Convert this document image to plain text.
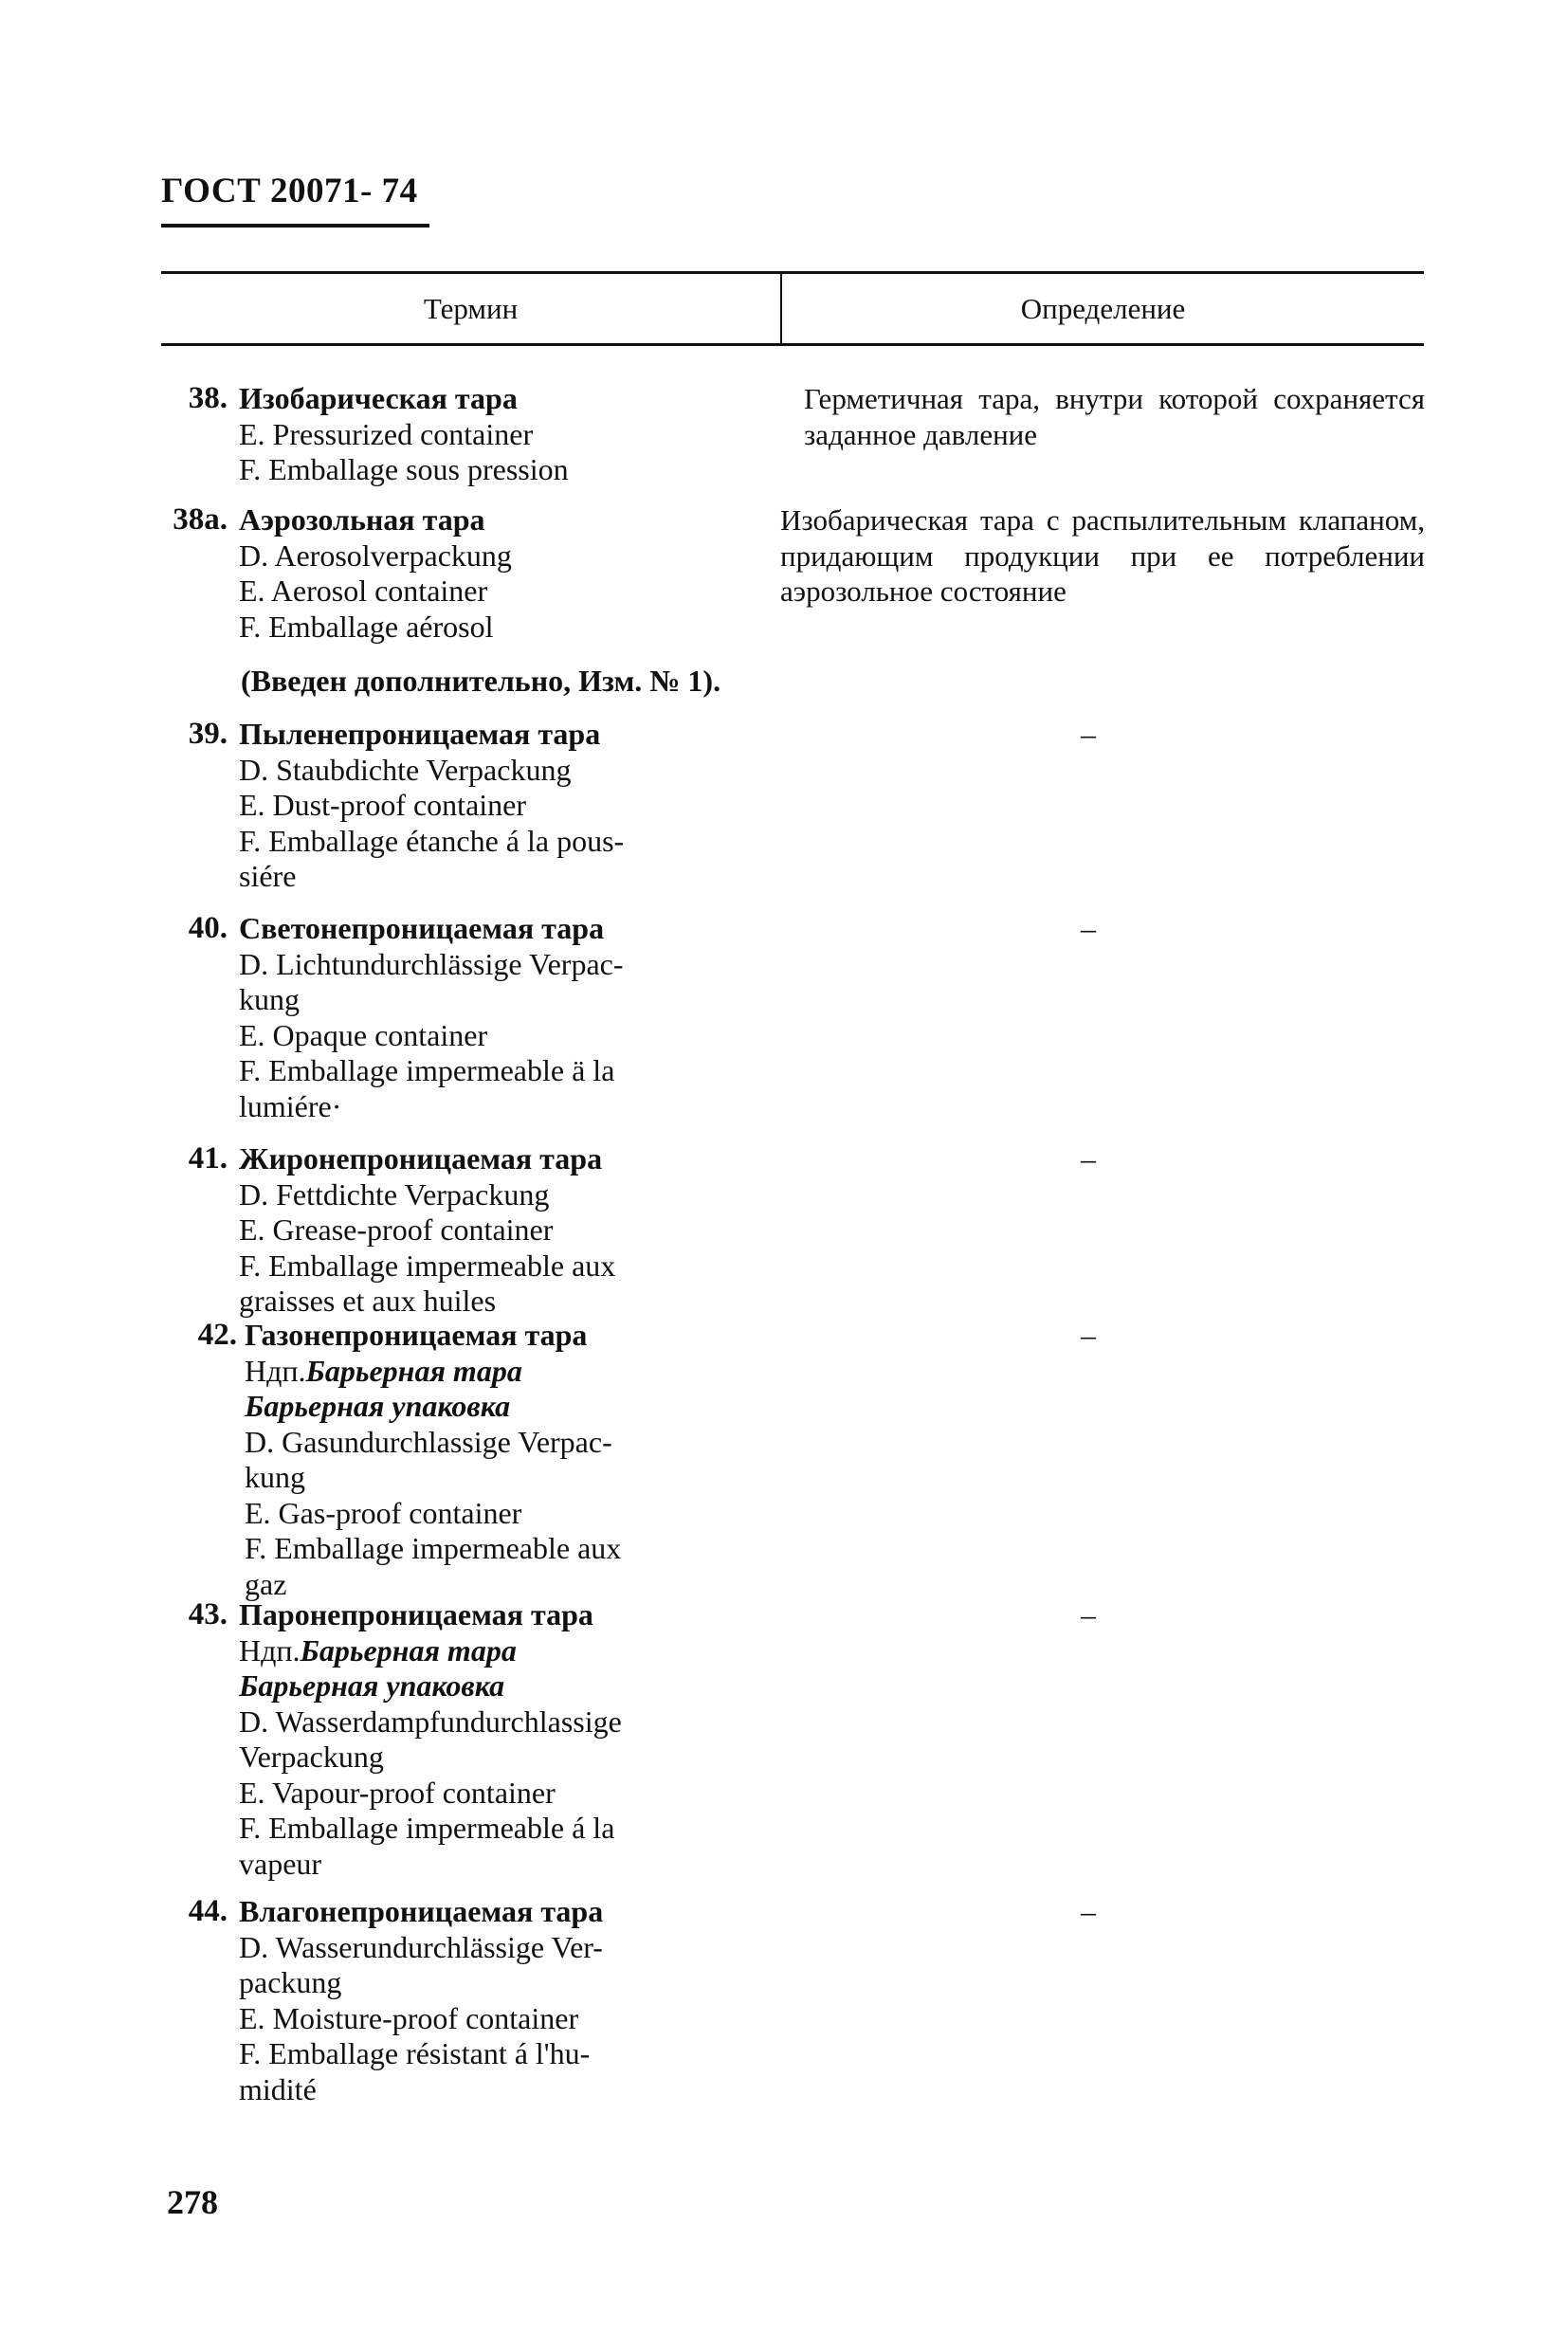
ГОСТ 20071- 74
Термин	Определение
38. Изобарическая тара
E. Pressurized container
F. Emballage sous pression
Герметичная тара, внутри которой сохраняется заданное давление
38а. Аэрозольная тара
D. Aerosolverpackung
E. Aerosol container
F. Emballage aérosol
Изобарическая тара с распылительным клапаном, придающим продукции при ее потреблении аэрозольное состояние
(Введен дополнительно, Изм. № 1).
39. Пыленепроницаемая тара
D. Staubdichte Verpackung
E. Dust-proof container
F. Emballage étanche á la pous-
siére
–
40. Светонепроницаемая тара
D. Lichtundurchlässige Verpac-
kung
E. Opaque container
F. Emballage impermeable ä la
lumiére·
–
41. Жиронепроницаемая тара
D. Fettdichte Verpackung
E. Grease-proof container
F. Emballage impermeable aux
graisses et aux huiles
–
42. Газонепроницаемая тара
Ндп.Барьерная тара
Барьерная упаковка
D. Gasundurchlassige Verpac-
kung
E. Gas-proof container
F. Emballage impermeable aux
gaz
–
43. Паронепроницаемая тара
Ндп.Барьерная тара
Барьерная упаковка
D. Wasserdampfundurchlassige
Verpackung
E. Vapour-proof container
F. Emballage impermeable á la
vapeur
–
44. Влагонепроницаемая тара
D. Wasserundurchlässige Ver-
packung
E. Moisture-proof container
F. Emballage résistant á l'hu-
midité
–
278
